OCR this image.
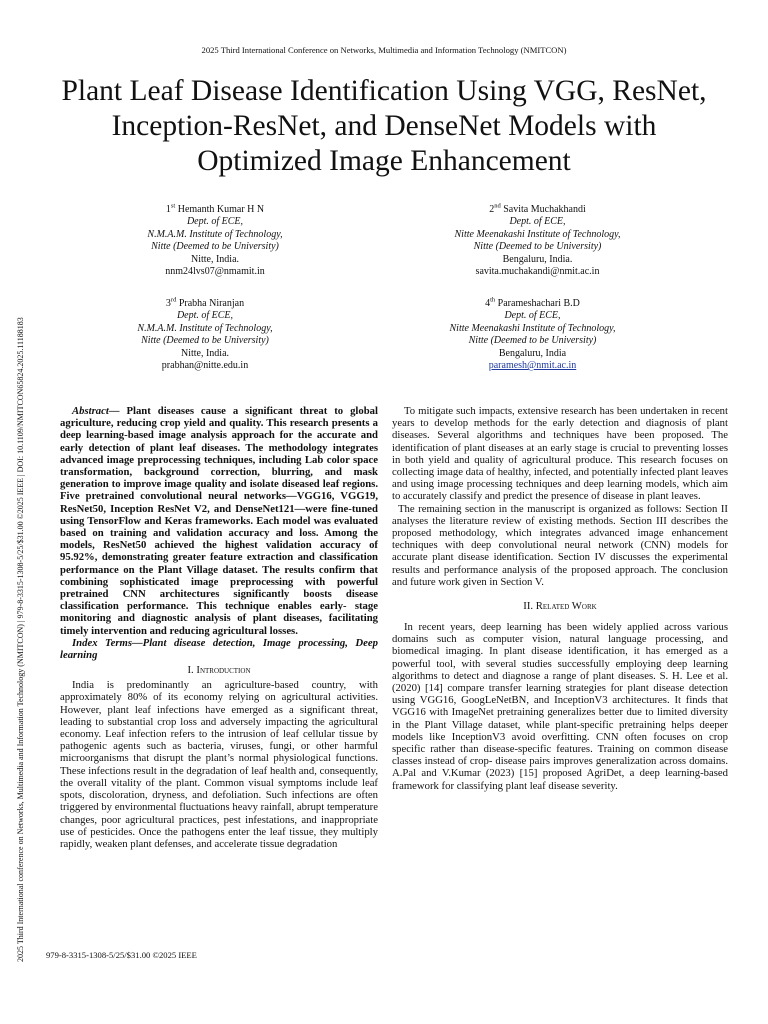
2025 Third International Conference on Networks, Multimedia and Information Technology (NMITCON)
Plant Leaf Disease Identification Using VGG, ResNet,
Inception-ResNet, and DenseNet Models with
Optimized Image Enhancement
1st Hemanth Kumar H N
Dept. of ECE,
N.M.A.M. Institute of Technology,
Nitte (Deemed to be University)
Nitte, India.
nnm24lvs07@nmamit.in
2nd Savita Muchakhandi
Dept. of ECE,
Nitte Meenakashi Institute of Technology,
Nitte (Deemed to be University)
Bengaluru, India.
savita.muchakandi@nmit.ac.in
3rd Prabha Niranjan
Dept. of ECE,
N.M.A.M. Institute of Technology,
Nitte (Deemed to be University)
Nitte, India.
prabhan@nitte.edu.in
4th Parameshachari B.D
Dept. of ECE,
Nitte Meenakashi Institute of Technology,
Nitte (Deemed to be University)
Bengaluru, India
paramesh@nmit.ac.in
2025 Third International conference on Networks, Multimedia and Information Technology (NMITCON) | 979-8-3315-1308-5/25/$31.00 ©2025 IEEE | DOI: 10.1109/NMITCON65824.2025.11188183	Abstract— Plant diseases cause a significant threat to global agriculture, reducing crop yield and quality. This research presents a deep learning-based image analysis approach for the accurate and early detection of plant leaf diseases. The methodology integrates advanced image preprocessing techniques, including Lab color space transformation, background correction, blurring, and mask generation to improve image quality and isolate diseased leaf regions. Five pretrained convolutional neural networks—VGG16, VGG19, ResNet50, Inception ResNet V2, and DenseNet121—were fine-tuned using TensorFlow and Keras frameworks. Each model was evaluated based on training and validation accuracy and loss. Among the models, ResNet50 achieved the highest validation accuracy of 95.92%, demonstrating greater feature extraction and classification performance on the Plant Village dataset. The results confirm that combining sophisticated image preprocessing with powerful pretrained CNN architectures significantly boosts disease classification performance. This technique enables early- stage monitoring and diagnostic analysis of plant diseases, facilitating timely intervention and reducing agricultural losses.

Index Terms—Plant disease detection, Image processing, Deep learning

I. Introduction

India is predominantly an agriculture-based country, with approximately 80% of its economy relying on agricultural activities. However, plant leaf infections have emerged as a significant threat, leading to substantial crop loss and adversely impacting the agricultural economy. Leaf infection refers to the intrusion of leaf cellular tissue by pathogenic agents such as bacteria, viruses, fungi, or other harmful microorganisms that disrupt the plant’s normal physiological functions. These infections result in the degradation of leaf health and, consequently, the overall vitality of the plant. Common visual symptoms include leaf spots, discoloration, dryness, and defoliation. Such infections are often triggered by environmental fluctuations heavy rainfall, abrupt temperature changes, poor agricultural practices, pest infestations, and inappropriate use of pesticides. Once the pathogens enter the leaf tissue, they multiply rapidly, weaken plant defenses, and accelerate tissue degradation

To mitigate such impacts, extensive research has been undertaken in recent years to develop methods for the early detection and diagnosis of plant diseases. Several algorithms and techniques have been proposed. The identification of plant diseases at an early stage is crucial to preventing losses in both yield and quality of agricultural produce. This research focuses on collecting image data of healthy, infected, and potentially infected plant leaves and using image processing techniques and deep learning models, which aim to accurately classify and predict the presence of disease in plant leaves.

The remaining section in the manuscript is organized as follows: Section II analyses the literature review of existing methods. Section III describes the proposed methodology, which integrates advanced image enhancement techniques with deep convolutional neural network (CNN) models for accurate plant disease identification. Section IV discusses the experimental results and performance analysis of the proposed approach. The conclusion and future work given in Section V.

II. Related Work

In recent years, deep learning has been widely applied across various domains such as computer vision, natural language processing, and biomedical imaging. In plant disease identification, it has emerged as a powerful tool, with several studies successfully employing deep learning algorithms to detect and diagnose a range of plant diseases. S. H. Lee et al. (2020) [14] compare transfer learning strategies for plant disease detection using VGG16, GoogLeNetBN, and InceptionV3 architectures. It finds that VGG16 with ImageNet pretraining generalizes better due to limited diversity in the Plant Village dataset, while plant-specific pretraining helps deeper models like InceptionV3 avoid overfitting. CNN often focuses on crop specific rather than disease-specific features. Training on common disease classes instead of crop- disease pairs improves generalization across domains. A.Pal and V.Kumar (2023) [15] proposed AgriDet, a deep learning-based framework for classifying plant leaf disease severity.

979-8-3315-1308-5/25/$31.00 ©2025 IEEE
